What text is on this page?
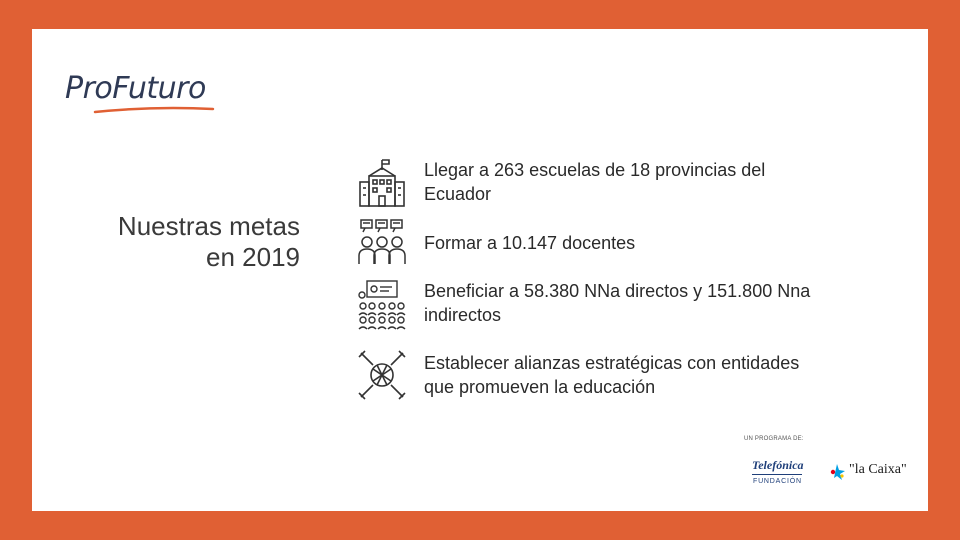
ProFuturo
Nuestras metas
en 2019
Llegar a 263 escuelas de 18 provincias del
Ecuador
Formar a 10.147 docentes
Beneficiar a 58.380 NNa directos y 151.800 Nna
indirectos
Establecer alianzas estratégicas con entidades
que promueven la educación
UN PROGRAMA DE:
Telefónica
FUNDACIÓN
"la Caixa"
